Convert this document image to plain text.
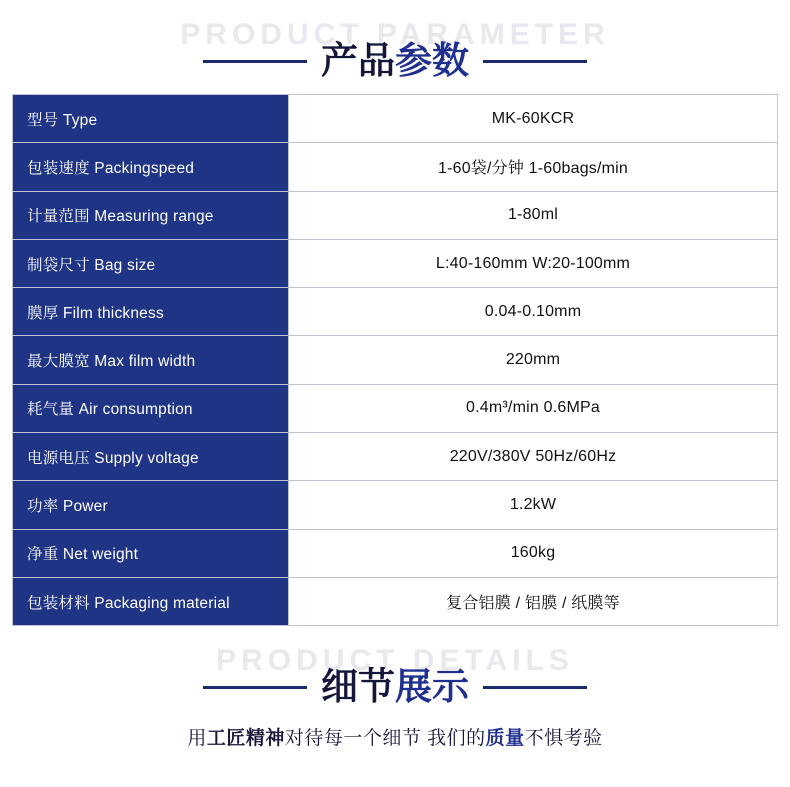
PRODUCT PARAMETER
产品参数
型号 Type	MK-60KCR
包装速度 Packingspeed	1-60袋/分钟 1-60bags/min
计量范围 Measuring range	1-80ml
制袋尺寸 Bag size	L:40-160mm W:20-100mm
膜厚 Film thickness	0.04-0.10mm
最大膜宽 Max film width	220mm
耗气量 Air consumption	0.4m³/min 0.6MPa
电源电压 Supply voltage	220V/380V 50Hz/60Hz
功率 Power	1.2kW
净重 Net weight	160kg
包装材料 Packaging material	复合铝膜 / 铝膜 / 纸膜等
PRODUCT DETAILS
细节展示
用工匠精神对待每一个细节 我们的质量不惧考验
